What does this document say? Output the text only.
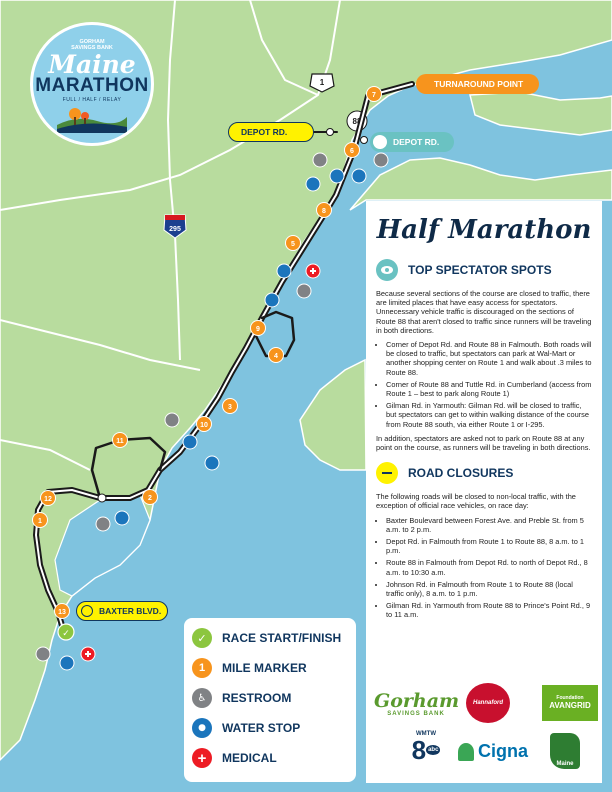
1
88
295
1
2
3
4
5
6
7
8
9
10
11
12
13
✓
TURNAROUND POINT
DEPOT RD.
DEPOT RD.
BAXTER BLVD.
GORHAM
SAVINGS BANK
Maine
MARATHON
FULL / HALF / RELAY
✓	RACE START/FINISH
1	MILE MARKER
♿	RESTROOM
●	WATER STOP
+	MEDICAL
Half Marathon
TOP SPECTATOR SPOTS

Because several sections of the course are closed to traffic, there are limited places that have easy access for spectators. Unnecessary vehicle traffic is discouraged on the sections of Route 88 that aren't closed to traffic since runners will be traveling in both directions.

• Corner of Depot Rd. and Route 88 in Falmouth. Both roads will be closed to traffic, but spectators can park at Wal-Mart or another shopping center on Route 1 and walk about .3 miles to Route 88.
• Corner of Route 88 and Tuttle Rd. in Cumberland (access from Route 1 – best to park along Route 1)
• Gilman Rd. in Yarmouth: Gilman Rd. will be closed to traffic, but spectators can get to within walking distance of the course from Route 88 south, via either Route 1 or I-295.

In addition, spectators are asked not to park on Route 88 at any point on the course, as runners will be traveling in both directions.

ROAD CLOSURES

The following roads will be closed to non-local traffic, with the exception of official race vehicles, on race day:

• Baxter Boulevard between Forest Ave. and Preble St. from 5 a.m. to 2 p.m.
• Depot Rd. in Falmouth from Route 1 to Route 88, 8 a.m. to 1 p.m.
• Route 88 in Falmouth from Depot Rd. to north of Depot Rd., 8 a.m. to 10:30 a.m.
• Johnson Rd. in Falmouth from Route 1 to Route 88 (local traffic only), 8 a.m. to 1 p.m.
• Gilman Rd. in Yarmouth from Route 88 to Prince's Point Rd., 9 to 11 a.m.
Gorham
SAVINGS BANK
Hannaford
Foundation
AVANGRID
WMTW
8 abc Cigna
Maine
